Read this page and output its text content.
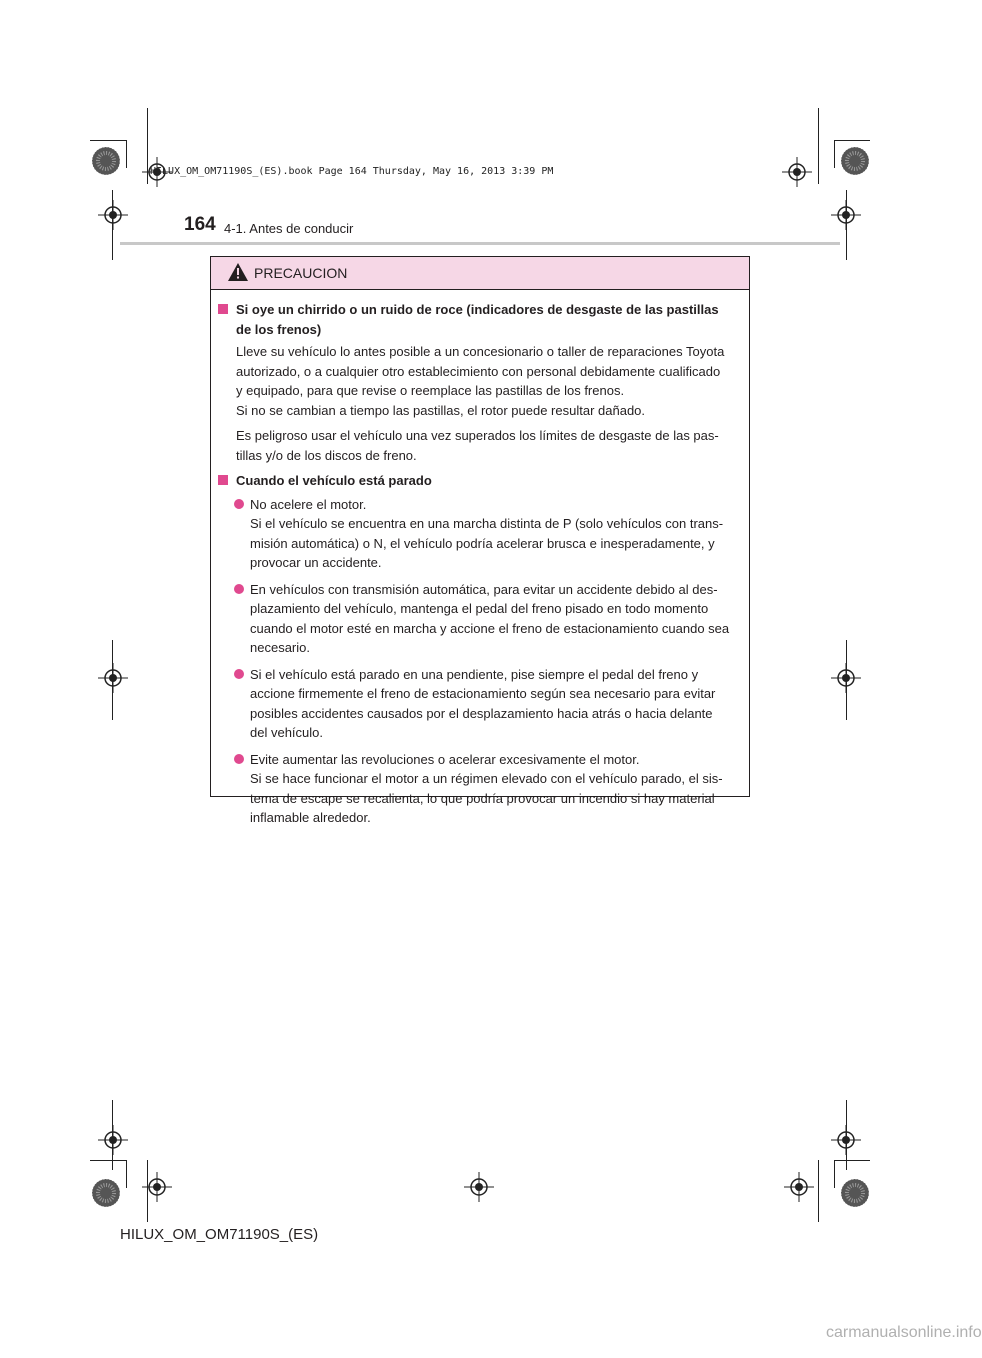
HILUX_OM_OM71190S_(ES).book Page 164 Thursday, May 16, 2013 3:39 PM
164 4-1. Antes de conducir
PRECAUCION
Si oye un chirrido o un ruido de roce (indicadores de desgaste de las pastillas
de los frenos)
Lleve su vehículo lo antes posible a un concesionario o taller de reparaciones Toyota
autorizado, o a cualquier otro establecimiento con personal debidamente cualificado
y equipado, para que revise o reemplace las pastillas de los frenos.
Si no se cambian a tiempo las pastillas, el rotor puede resultar dañado.
Es peligroso usar el vehículo una vez superados los límites de desgaste de las pas-
tillas y/o de los discos de freno.
Cuando el vehículo está parado
No acelere el motor.
Si el vehículo se encuentra en una marcha distinta de P (solo vehículos con trans-
misión automática) o N, el vehículo podría acelerar brusca e inesperadamente, y
provocar un accidente.
En vehículos con transmisión automática, para evitar un accidente debido al des-
plazamiento del vehículo, mantenga el pedal del freno pisado en todo momento
cuando el motor esté en marcha y accione el freno de estacionamiento cuando sea
necesario.
Si el vehículo está parado en una pendiente, pise siempre el pedal del freno y
accione firmemente el freno de estacionamiento según sea necesario para evitar
posibles accidentes causados por el desplazamiento hacia atrás o hacia delante
del vehículo.
Evite aumentar las revoluciones o acelerar excesivamente el motor.
Si se hace funcionar el motor a un régimen elevado con el vehículo parado, el sis-
tema de escape se recalienta, lo que podría provocar un incendio si hay material
inflamable alrededor.
HILUX_OM_OM71190S_(ES)
carmanualsonline.info
